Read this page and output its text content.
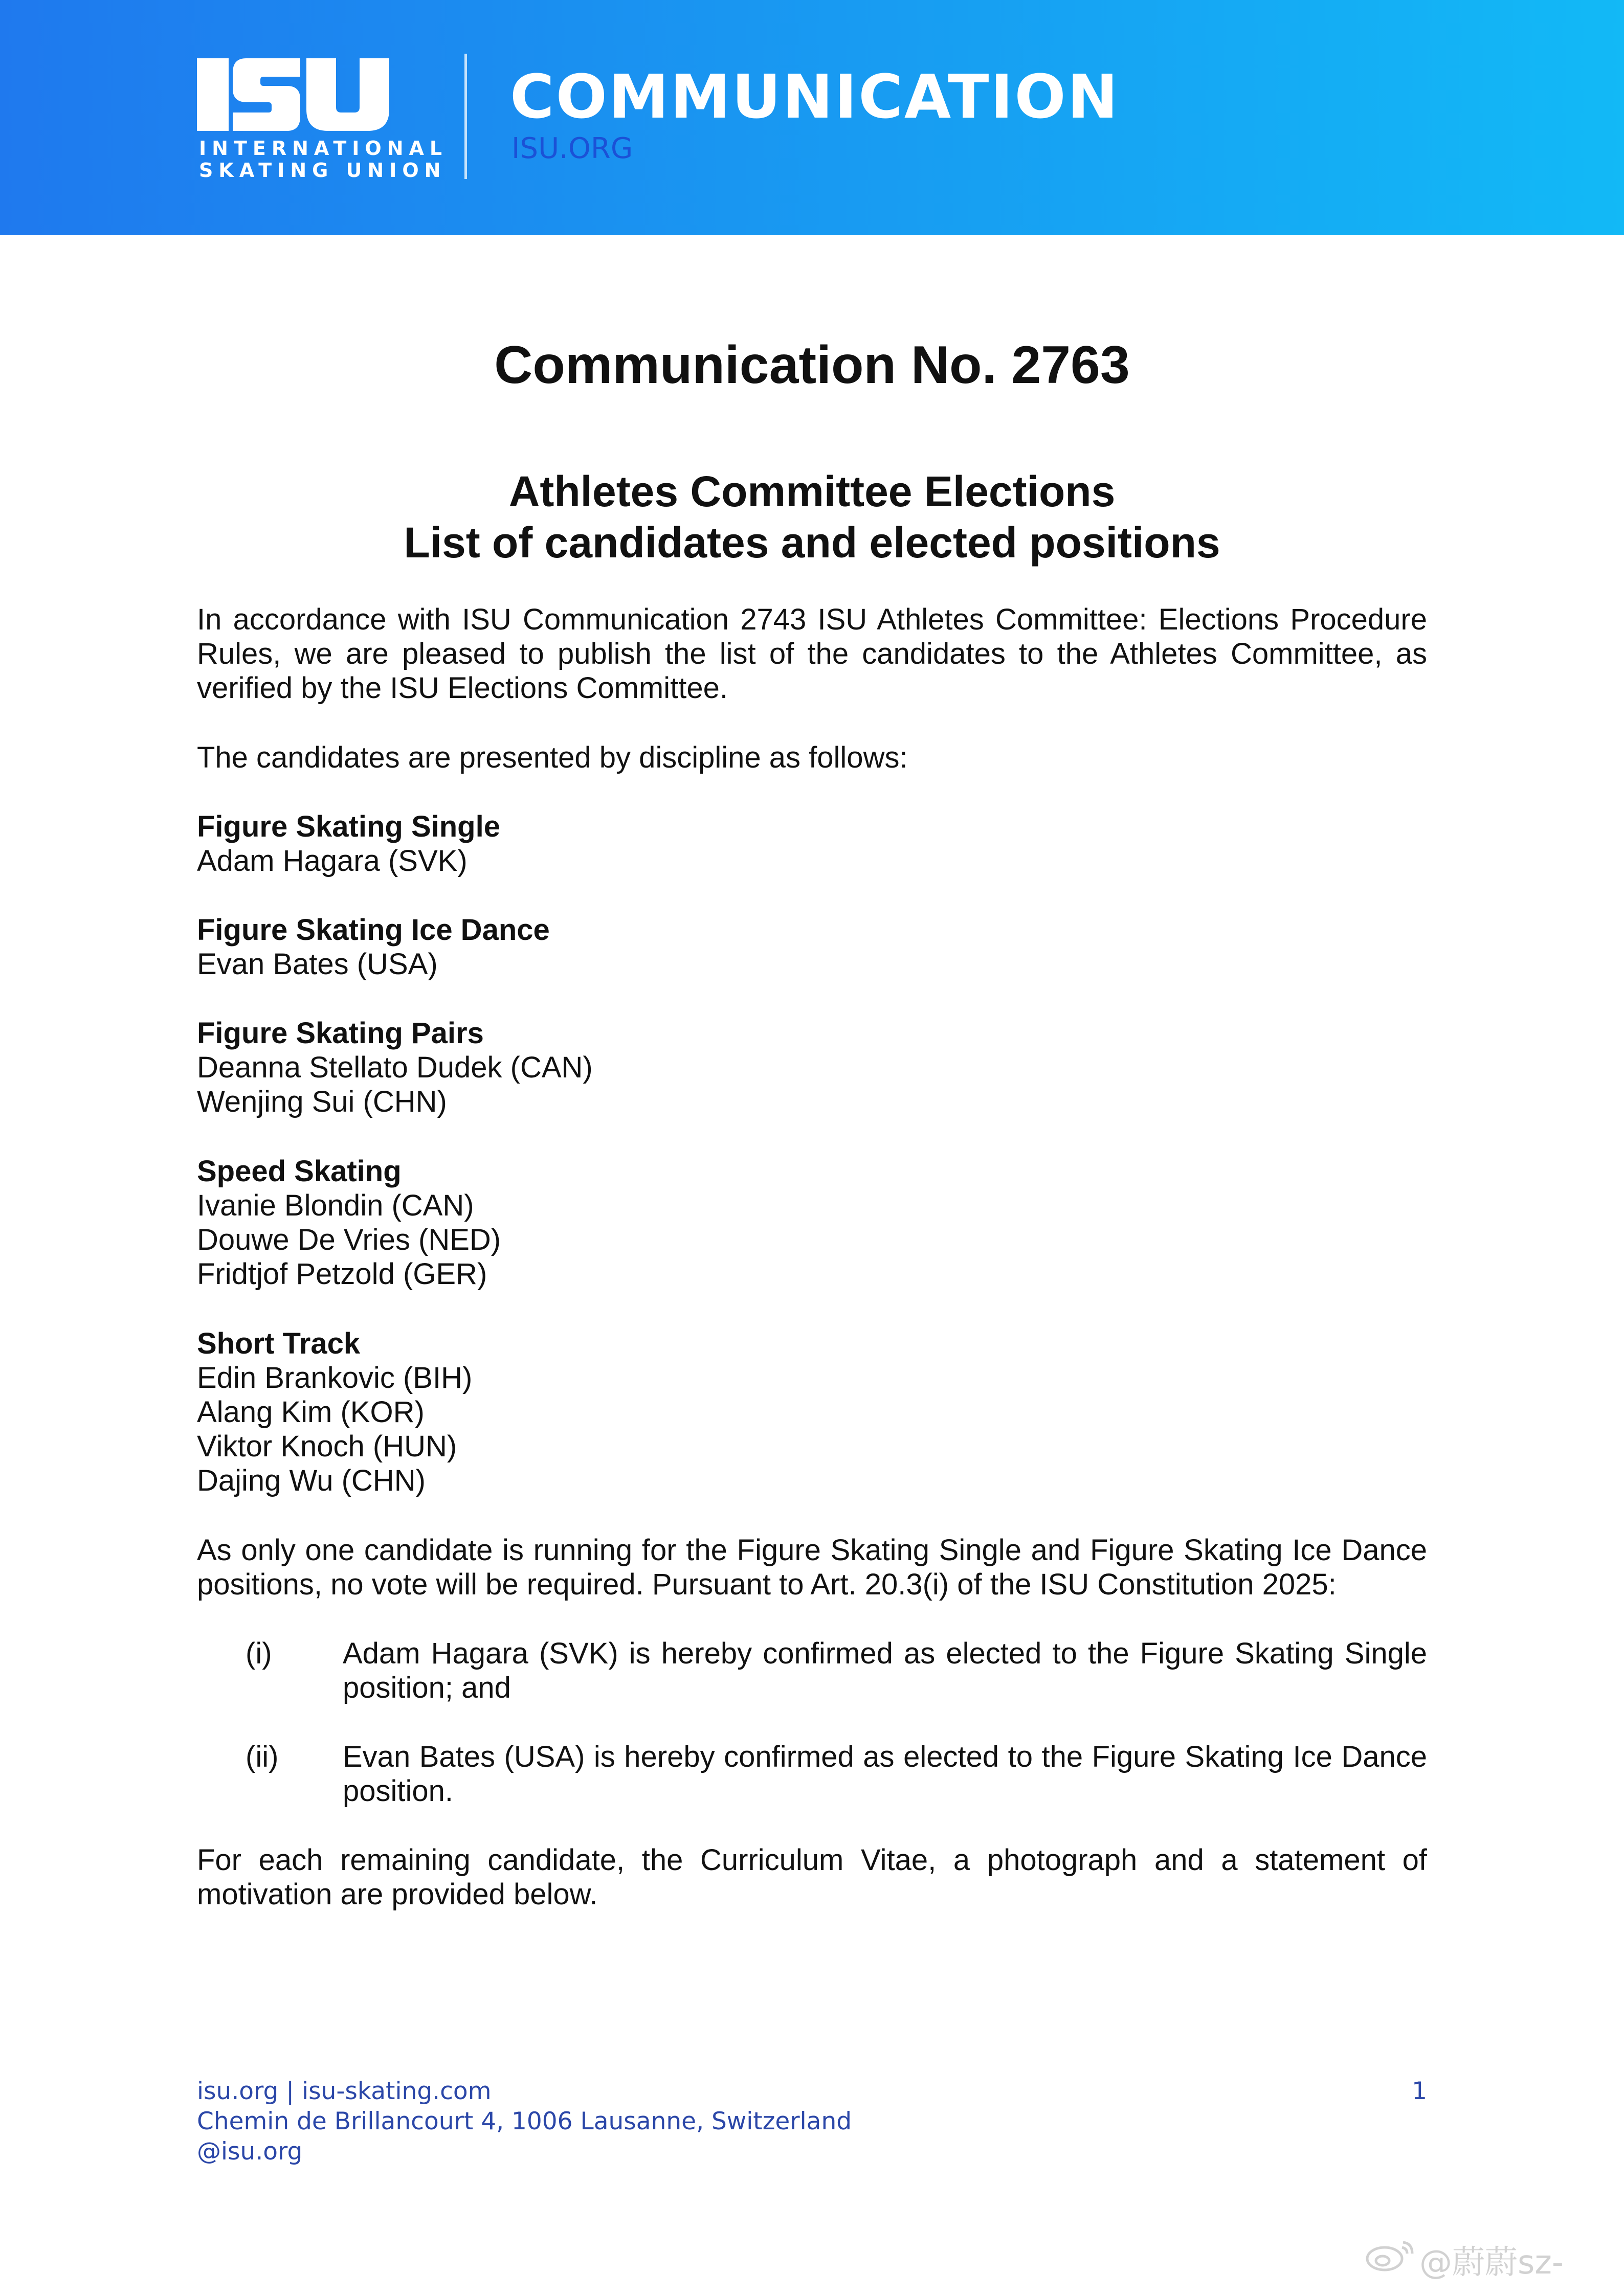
INTERNATIONAL
SKATING UNION
COMMUNICATION
ISU.ORG
Communication No. 2763
Athletes Committee Elections
List of candidates and elected positions

In accordance with ISU Communication 2743 ISU Athletes Committee: Elections Procedure Rules, we are pleased to publish the list of the candidates to the Athletes Committee, as verified by the ISU Elections Committee.

The candidates are presented by discipline as follows:

Figure Skating Single

Adam Hagara (SVK)

Figure Skating Ice Dance

Evan Bates (USA)

Figure Skating Pairs

Deanna Stellato Dudek (CAN)

Wenjing Sui (CHN)

Speed Skating

Ivanie Blondin (CAN)

Douwe De Vries (NED)

Fridtjof Petzold (GER)

Short Track

Edin Brankovic (BIH)

Alang Kim (KOR)

Viktor Knoch (HUN)

Dajing Wu (CHN)

As only one candidate is running for the Figure Skating Single and Figure Skating Ice Dance positions, no vote will be required. Pursuant to Art. 20.3(i) of the ISU Constitution 2025:

(i) Adam Hagara (SVK) is hereby confirmed as elected to the Figure Skating Single position; and
(ii) Evan Bates (USA) is hereby confirmed as elected to the Figure Skating Ice Dance position.

For each remaining candidate, the Curriculum Vitae, a photograph and a statement of motivation are provided below.

isu.org | isu-skating.com
Chemin de Brillancourt 4, 1006 Lausanne, Switzerland
@isu.org
1
@蔚蔚sz-
